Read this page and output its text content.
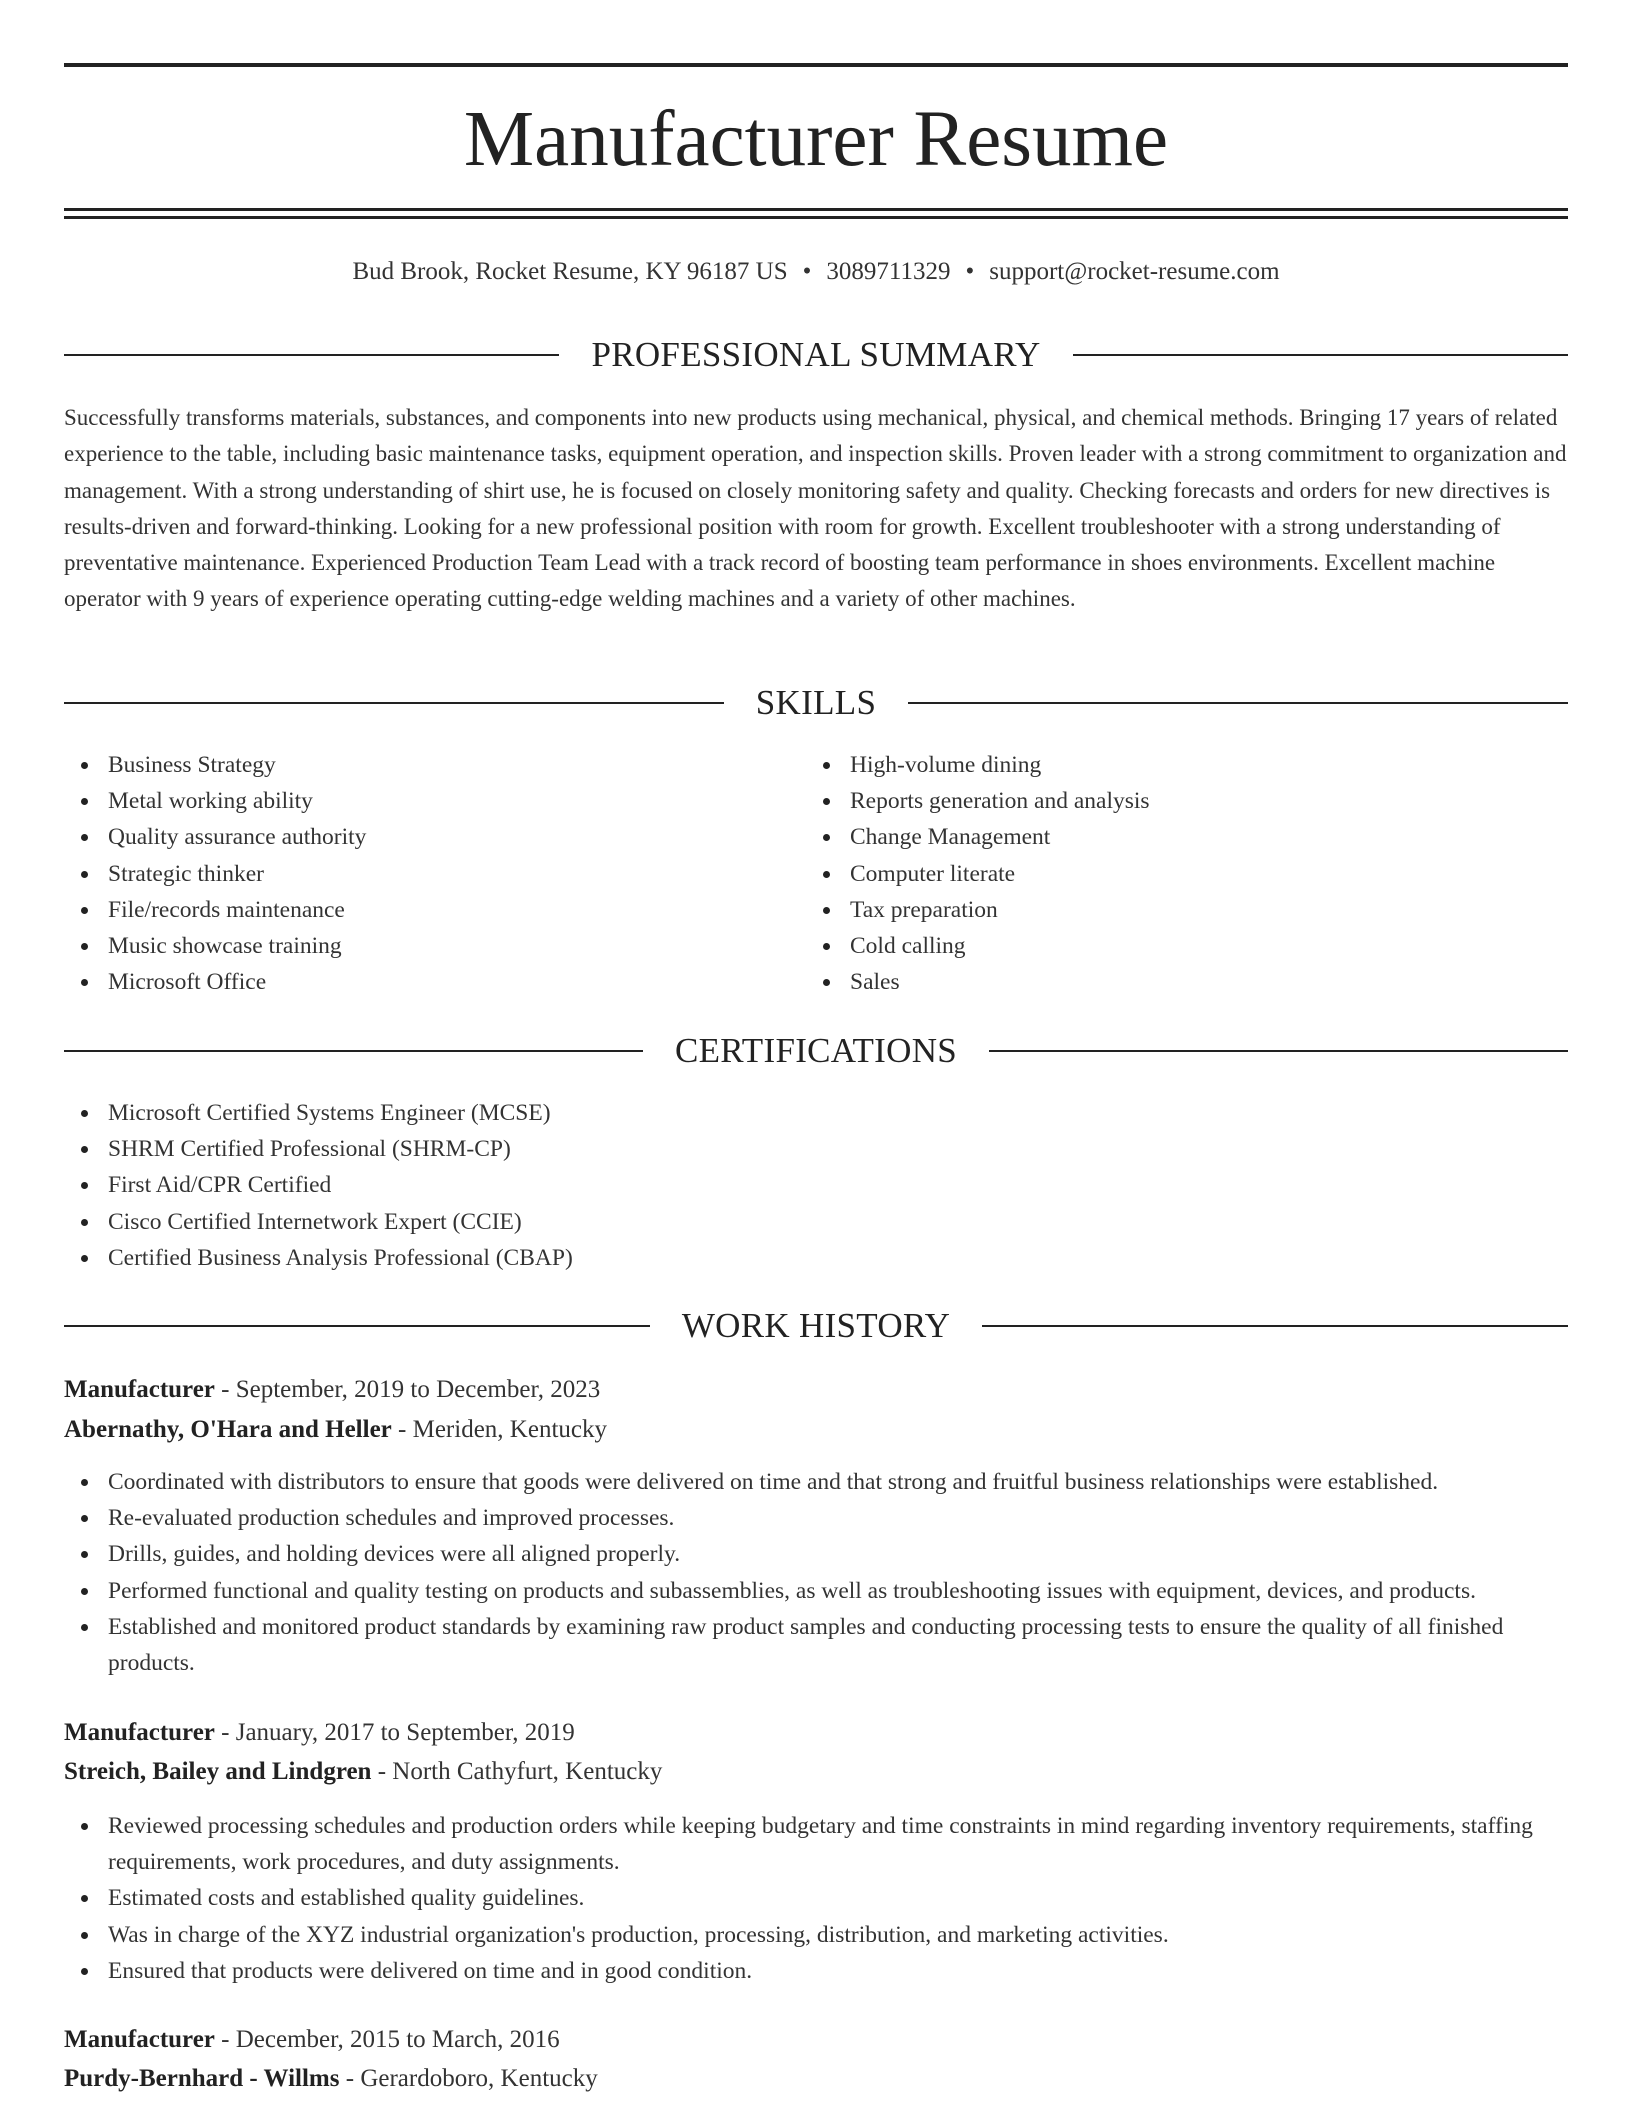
Manufacturer Resume
Bud Brook, Rocket Resume, KY 96187 US • 3089711329 • support@rocket-resume.com
PROFESSIONAL SUMMARY

Successfully transforms materials, substances, and components into new products using mechanical, physical, and chemical methods. Bringing 17 years of related experience to the table, including basic maintenance tasks, equipment operation, and inspection skills. Proven leader with a strong commitment to organization and management. With a strong understanding of shirt use, he is focused on closely monitoring safety and quality. Checking forecasts and orders for new directives is results-driven and forward-thinking. Looking for a new professional position with room for growth. Excellent troubleshooter with a strong understanding of preventative maintenance. Experienced Production Team Lead with a track record of boosting team performance in shoes environments. Excellent machine operator with 9 years of experience operating cutting-edge welding machines and a variety of other machines.

SKILLS
Business Strategy
Metal working ability
Quality assurance authority
Strategic thinker
File/records maintenance
Music showcase training
Microsoft Office
High-volume dining
Reports generation and analysis
Change Management
Computer literate
Tax preparation
Cold calling
Sales
CERTIFICATIONS
Microsoft Certified Systems Engineer (MCSE)
SHRM Certified Professional (SHRM-CP)
First Aid/CPR Certified
Cisco Certified Internetwork Expert (CCIE)
Certified Business Analysis Professional (CBAP)
WORK HISTORY
Manufacturer - September, 2019 to December, 2023
Abernathy, O'Hara and Heller - Meriden, Kentucky
Coordinated with distributors to ensure that goods were delivered on time and that strong and fruitful business relationships were established.
Re-evaluated production schedules and improved processes.
Drills, guides, and holding devices were all aligned properly.
Performed functional and quality testing on products and subassemblies, as well as troubleshooting issues with equipment, devices, and products.
Established and monitored product standards by examining raw product samples and conducting processing tests to ensure the quality of all finished products.
Manufacturer - January, 2017 to September, 2019
Streich, Bailey and Lindgren - North Cathyfurt, Kentucky
Reviewed processing schedules and production orders while keeping budgetary and time constraints in mind regarding inventory requirements, staffing requirements, work procedures, and duty assignments.
Estimated costs and established quality guidelines.
Was in charge of the XYZ industrial organization's production, processing, distribution, and marketing activities.
Ensured that products were delivered on time and in good condition.
Manufacturer - December, 2015 to March, 2016
Purdy-Bernhard - Willms - Gerardoboro, Kentucky
